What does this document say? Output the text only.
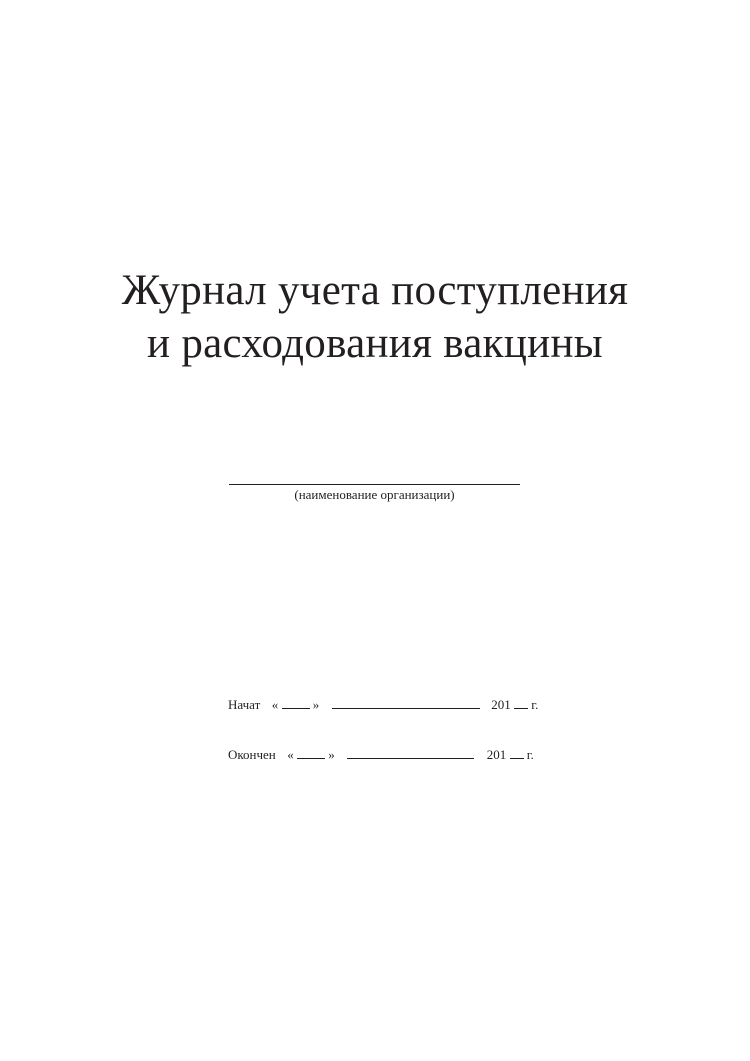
Журнал учета поступления
и расходования вакцины
(наименование организации)
Начат «	»	201 г.
Окончен «	»	201 г.
